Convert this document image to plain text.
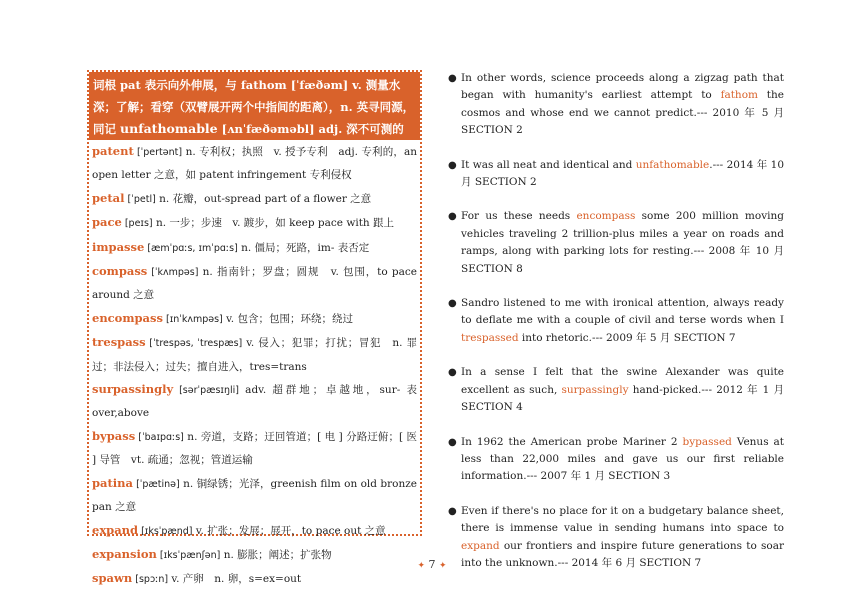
词根 pat 表示向外伸展，与 fathom [ˈfæðəm] v. 测量水深；了解；看穿（双臂展开两个中指间的距离），n. 英寻同源，同记 unfathomable [ʌnˈfæðəməbl] adj. 深不可测的
patent [ˈpertənt] n. 专利权；执照　v. 授予专利　adj. 专利的，an open letter 之意，如 patent infringement 专利侵权
petal [ˈpetl] n. 花瓣，out-spread part of a flower 之意
pace [peɪs] n. 一步；步速　v. 踱步，如 keep pace with 跟上
impasse [æmˈpɑːs, ɪmˈpɑːs] n. 僵局；死路，im- 表否定
compass [ˈkʌmpəs] n. 指南针；罗盘；圆规　v. 包围，to pace around 之意
encompass [ɪnˈkʌmpəs] v. 包含；包围；环绕；绕过
trespass [ˈtrespəs, ˈtrespæs] v. 侵入；犯罪；打扰；冒犯　n. 罪过；非法侵入；过失；擅自进入，tres=trans
surpassingly [sərˈpæsɪŋli] adv. 超群地；卓越地，sur- 表 over,above
bypass [ˈbaɪpɑːs] n. 旁道，支路；迂回管道；[ 电 ] 分路迂俯；[ 医 ] 导管　vt. 疏通；忽视；管道运输
patina [ˈpætinə] n. 铜绿锈；光泽，greenish film on old bronze pan 之意
expand [ɪksˈpænd] v. 扩张；发展；展开，to pace out 之意
expansion [ɪksˈpænʃən] n. 膨胀；阐述；扩张物
spawn [spɔːn] v. 产卵　n. 卵，s=ex=out
● In other words, science proceeds along a zigzag path that began with humanity's earliest attempt to fathom the cosmos and whose end we cannot predict.--- 2010 年 5 月 SECTION 2
● It was all neat and identical and unfathomable.--- 2014 年 10 月 SECTION 2
● For us these needs encompass some 200 million moving vehicles traveling 2 trillion-plus miles a year on roads and ramps, along with parking lots for resting.--- 2008 年 10 月 SECTION 8
● Sandro listened to me with ironical attention, always ready to deflate me with a couple of civil and terse words when I trespassed into rhetoric.--- 2009 年 5 月 SECTION 7
● In a sense I felt that the swine Alexander was quite excellent as such, surpassingly hand-picked.--- 2012 年 1 月 SECTION 4
● In 1962 the American probe Mariner 2 bypassed Venus at less than 22,000 miles and gave us our first reliable information.--- 2007 年 1 月 SECTION 3
● Even if there's no place for it on a budgetary balance sheet, there is immense value in sending humans into space to expand our frontiers and inspire future generations to soar into the unknown.--- 2014 年 6 月 SECTION 7
✦ 7 ✦
